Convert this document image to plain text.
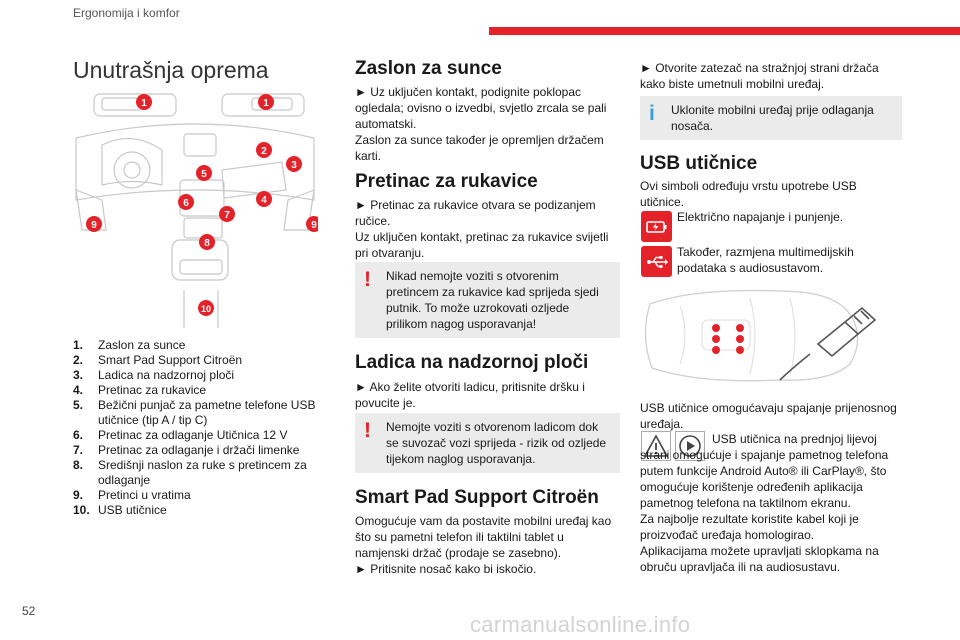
Ergonomija i komfor
Unutrašnja oprema
1	1
2
3
4
5
6
7
8
9	9
10
1.	Zaslon za sunce
2.	Smart Pad Support Citroën
3.	Ladica na nadzornoj ploči
4.	Pretinac za rukavice
5.	Bežični punjač za pametne telefone USB utičnice (tip A / tip C)
6.	Pretinac za odlaganje Utičnica 12 V
7.	Pretinac za odlaganje i držači limenke
8.	Središnji naslon za ruke s pretincem za odlaganje
9.	Pretinci u vratima
10. USB utičnice
Zaslon za sunce
► Uz uključen kontakt, podignite poklopac ogledala; ovisno o izvedbi, svjetlo zrcala se pali automatski.
Zaslon za sunce također je opremljen držačem karti.
Pretinac za rukavice
► Pretinac za rukavice otvara se podizanjem ručice.
Uz uključen kontakt, pretinac za rukavice svijetli pri otvaranju.
! Nikad nemojte voziti s otvorenim pretincem za rukavice kad sprijeda sjedi putnik. To može uzrokovati ozljede prilikom nagog usporavanja!
Ladica na nadzornoj ploči
► Ako želite otvoriti ladicu, pritisnite dršku i povucite je.
! Nemojte voziti s otvorenom ladicom dok se suvozač vozi sprijeda - rizik od ozljede tijekom naglog usporavanja.
Smart Pad Support Citroën
Omogućuje vam da postavite mobilni uređaj kao što su pametni telefon ili taktilni tablet u namjenski držač (prodaje se zasebno).
► Pritisnite nosač kako bi iskočio.
► Otvorite zatezač na stražnjoj strani držača kako biste umetnuli mobilni uređaj.
i Uklonite mobilni uređaj prije odlaganja nosača.
USB utičnice
Ovi simboli određuju vrstu upotrebe USB utičnice.
Električno napajanje i punjenje.
Također, razmjena multimedijskih podataka s audiosustavom.
USB utičnice omogućavaju spajanje prijenosnog uređaja.
USB utičnica na prednjoj lijevoj strani omogućuje i spajanje pametnog telefona putem funkcije Android Auto® ili CarPlay®, što omogućuje korištenje određenih aplikacija pametnog telefona na taktilnom ekranu.
Za najbolje rezultate koristite kabel koji je proizvođač uređaja homologirao.
Aplikacijama možete upravljati sklopkama na obruču upravljača ili na audiosustavu.
52
carmanualsonline.info
